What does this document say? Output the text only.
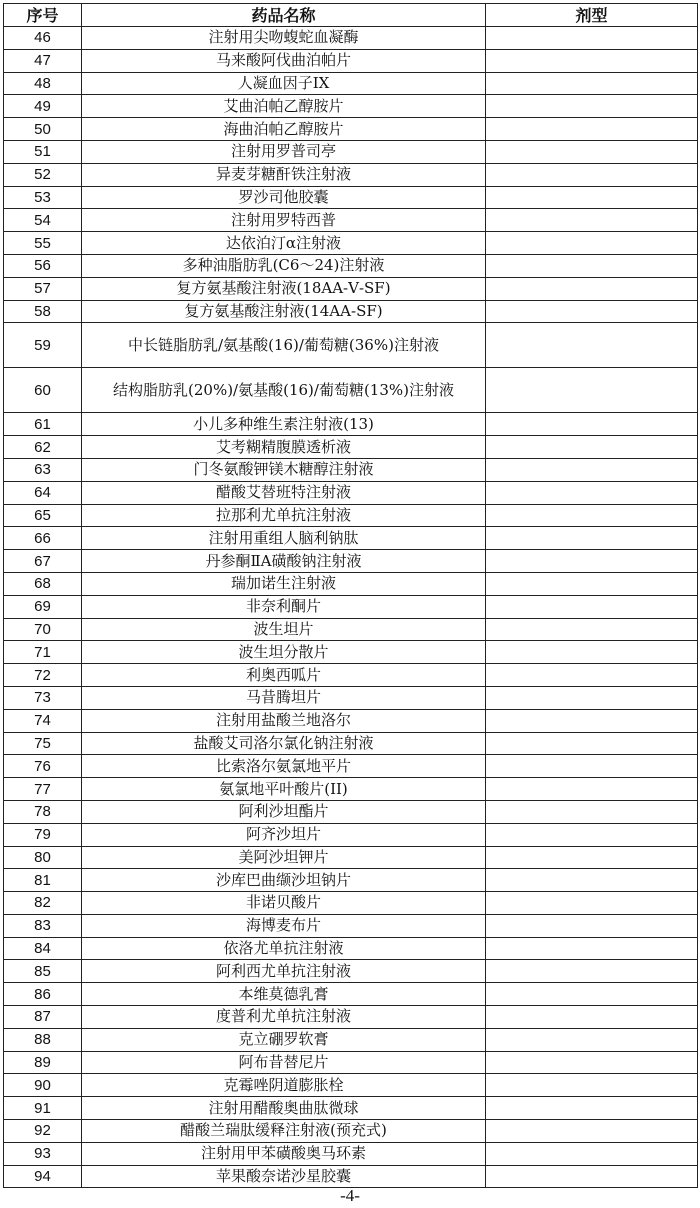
序号	药品名称	剂型
46	注射用尖吻蝮蛇血凝酶	
47	马来酸阿伐曲泊帕片	
48	人凝血因子IX	
49	艾曲泊帕乙醇胺片	
50	海曲泊帕乙醇胺片	
51	注射用罗普司亭	
52	异麦芽糖酐铁注射液	
53	罗沙司他胶囊	
54	注射用罗特西普	
55	达依泊汀α注射液	
56	多种油脂肪乳(C6～24)注射液	
57	复方氨基酸注射液(18AA-Ⅴ-SF)	
58	复方氨基酸注射液(14AA-SF)	
59	中长链脂肪乳/氨基酸(16)/葡萄糖(36%)注射液	
60	结构脂肪乳(20%)/氨基酸(16)/葡萄糖(13%)注射液	
61	小儿多种维生素注射液(13)	
62	艾考糊精腹膜透析液	
63	门冬氨酸钾镁木糖醇注射液	
64	醋酸艾替班特注射液	
65	拉那利尤单抗注射液	
66	注射用重组人脑利钠肽	
67	丹参酮ⅡA磺酸钠注射液	
68	瑞加诺生注射液	
69	非奈利酮片	
70	波生坦片	
71	波生坦分散片	
72	利奥西呱片	
73	马昔腾坦片	
74	注射用盐酸兰地洛尔	
75	盐酸艾司洛尔氯化钠注射液	
76	比索洛尔氨氯地平片	
77	氨氯地平叶酸片(II)	
78	阿利沙坦酯片	
79	阿齐沙坦片	
80	美阿沙坦钾片	
81	沙库巴曲缬沙坦钠片	
82	非诺贝酸片	
83	海博麦布片	
84	依洛尤单抗注射液	
85	阿利西尤单抗注射液	
86	本维莫德乳膏	
87	度普利尤单抗注射液	
88	克立硼罗软膏	
89	阿布昔替尼片	
90	克霉唑阴道膨胀栓	
91	注射用醋酸奥曲肽微球	
92	醋酸兰瑞肽缓释注射液(预充式)	
93	注射用甲苯磺酸奥马环素	
94	苹果酸奈诺沙星胶囊	
-4-
